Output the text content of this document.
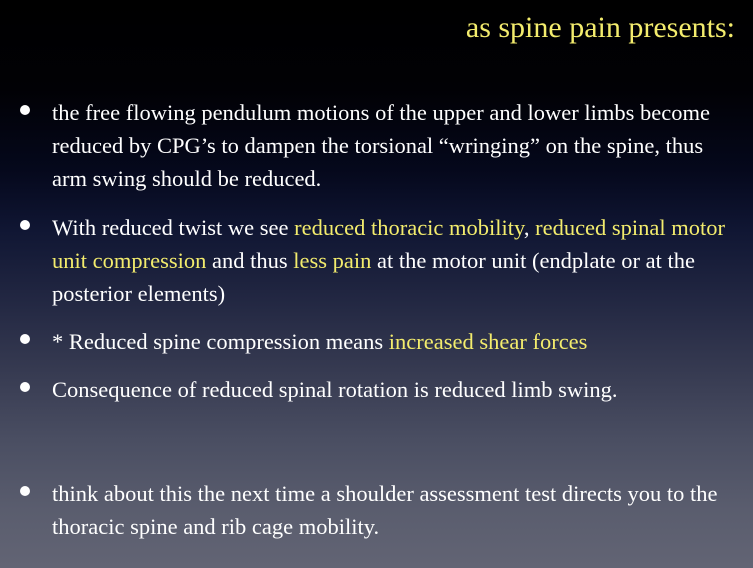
as spine pain presents:
the free flowing pendulum motions of the upper and lower limbs become reduced by CPG’s to dampen the torsional “wringing” on the spine, thus arm swing should be reduced.
With reduced twist we see reduced thoracic mobility, reduced spinal motor unit compression and thus less pain at the motor unit (endplate or at the posterior elements)
* Reduced spine compression means increased shear forces
Consequence of reduced spinal rotation is reduced limb swing.
think about this the next time a shoulder assessment test directs you to the thoracic spine and rib cage mobility.
